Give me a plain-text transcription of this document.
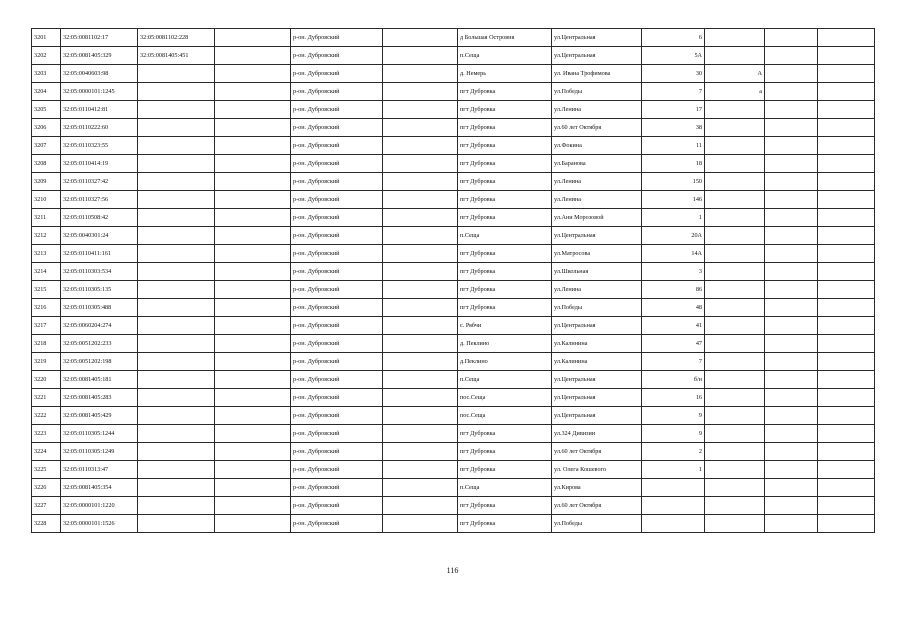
3201	32:05:0081102:17	32:05:0081102:228		р-он. Дубровский		д Большая Островня	ул.Центральная	6			
3202	32:05:0081405:329	32:05:0081405:451		р-он. Дубровский		п.Сеща	ул.Центральная	5А			
3203	32:05:0040603:98			р-он. Дубровский		д. Немерь	ул. Ивана Трофимова	30	А		
3204	32:05:0000101:1245			р-он. Дубровский		пгт Дубровка	ул.Победы	7	а		
3205	32:05:0110412:81			р-он. Дубровский		пгт Дубровка	ул.Ленина	17			
3206	32:05:0110222:60			р-он. Дубровский		пгт Дубровка	ул.60 лет Октября	38			
3207	32:05:0110323:55			р-он. Дубровский		пгт Дубровка	ул.Фокина	11			
3208	32:05:0110414:19			р-он. Дубровский		пгт Дубровка	ул.Баранова	18			
3209	32:05:0110327:42			р-он. Дубровский		пгт Дубровка	ул.Ленина	150			
3210	32:05:0110327:56			р-он. Дубровский		пгт Дубровка	ул.Ленина	146			
3211	32:05:0110508:42			р-он. Дубровский		пгт Дубровка	ул.Ани Морозовой	1			
3212	32:05:0040301:24			р-он. Дубровский		п.Сеща	ул.Центральная	20А			
3213	32:05:0110411:161			р-он. Дубровский		пгт Дубровка	ул.Матросова	14А			
3214	32:05:0110303:534			р-он. Дубровский		пгт Дубровка	ул.Школьная	3			
3215	32:05:0110305:135			р-он. Дубровский		пгт Дубровка	ул.Ленина	86			
3216	32:05:0110305:488			р-он. Дубровский		пгт Дубровка	ул.Победы	48			
3217	32:05:0060204:274			р-он. Дубровский		с. Рябчи	ул.Центральная	41			
3218	32:05:0051202:233			р-он. Дубровский		д. Пеклино	ул.Калинина	47			
3219	32:05:0051202:198			р-он. Дубровский		д.Пеклино	ул.Калинина	7			
3220	32:05:0081405:181			р-он. Дубровский		п.Сеща	ул.Центральная	б/н			
3221	32:05:0081405:283			р-он. Дубровский		пос.Сеща	ул.Центральная	16			
3222	32:05:0081405:429			р-он. Дубровский		пос.Сеща	ул.Центральная	9			
3223	32:05:0110305:1244			р-он. Дубровский		пгт Дубровка	ул.324 Дивизии	9			
3224	32:05:0110305:1249			р-он. Дубровский		пгт Дубровка	ул.60 лет Октября	2			
3225	32:05:0110313:47			р-он. Дубровский		пгт Дубровка	ул. Олега Кошевого	1			
3226	32:05:0081405:354			р-он. Дубровский		п.Сеща	ул.Кирова				
3227	32:05:0000101:1220			р-он. Дубровский		пгт Дубровка	ул.60 лет Октября				
3228	32:05:0000101:1526			р-он. Дубровский		пгт Дубровка	ул.Победы				
116
